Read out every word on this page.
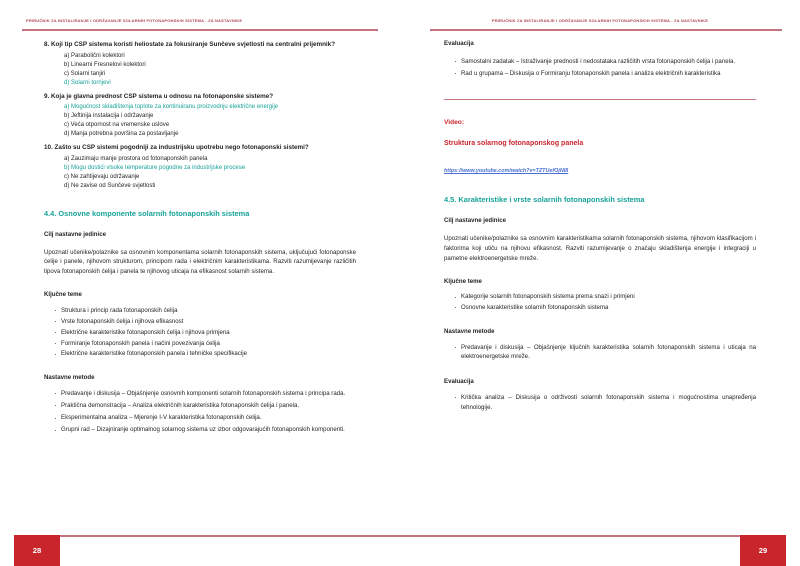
PRIRUČNIK ZA INSTALIRANJE I ODRŽAVANJE SOLARNIH FOTONAPONSKIH SISTEMA - ZA NASTAVNIKE
8. Koji tip CSP sistema koristi heliostate za fokusiranje Sunčeve svjetlosti na centralni prijemnik?
a) Parabolični kolektori
b) Linearni Fresnelovi kolektori
c) Solarni tanjiri
d) Solarni tornjevi
9. Koja je glavna prednost CSP sistema u odnosu na fotonaponske sisteme?
a) Mogućnost skladištenja toplote za kontinuiranu proizvodnju električne energije
b) Jeftinija instalacija i održavanje
c) Veća otpornost na vremenske uslove
d) Manja potrebna površina za postavljanje
10. Zašto su CSP sistemi pogodniji za industrijsku upotrebu nego fotonaponski sistemi?
a) Zauzimaju manje prostora od fotonaponskih panela
b) Mogu dostići visoke temperature pogodne za industrijske procese
c) Ne zahtijevaju održavanje
d) Ne zavise od Sunčeve svjetlosti
4.4. Osnovne komponente solarnih fotonaponskih sistema
Cilj nastavne jedinice
Upoznati učenike/polaznike sa osnovnim komponentama solarnih fotonaponskih sistema, uključujući fotonaponske ćelije i panele, njihovom strukturom, principom rada i električnim karakteristikama. Razviti razumijevanje različitih tipova fotonaponskih ćelija i panela te njihovog uticaja na efikasnost solarnih sistema.
Ključne teme
· Struktura i princip rada fotonaponskih ćelija
· Vrste fotonaponskih ćelija i njihova efikasnost
· Električne karakteristike fotonaponskih ćelija i njihova primjena
· Formiranje fotonaponskih panela i načini povezivanja ćelija
· Električne karakteristike fotonaponskih panela i tehničke specifikacije
Nastavne metode
· Predavanje i diskusija – Objašnjenje osnovnih komponenti solarnih fotonaponskih sistema i principa rada.
· Praktična demonstracija – Analiza električnih karakteristika fotonaponskih ćelija i panela.
· Eksperimentalna analiza – Mjerenje I-V karakteristika fotonaponskih ćelija.
· Grupni rad – Dizajniranje optimalnog solarnog sistema uz izbor odgovarajućih fotonaponskih komponenti.
28
PRIRUČNIK ZA INSTALIRANJE I ODRŽAVANJE SOLARNIH FOTONAPONSKIH SISTEMA - ZA NASTAVNIKE
Evaluacija
· Samostalni zadatak – Istraživanje prednosti i nedostataka različitih vrsta fotonaponskih ćelija i panela.
· Rad u grupama – Diskusija o Formiranju fotonaponskih panela i analiza električnih karakteristika
Video:
Struktura solarnog fotonaponskog panela
https://www.youtube.com/watch?v=TZTUefOjNI8
4.5. Karakteristike i vrste solarnih fotonaponskih sistema
Cilj nastavne jedinice
Upoznati učenike/polaznike sa osnovnim karakteristikama solarnih fotonaponskih sistema, njihovom klasifikacijom i faktorima koji utiču na njihovu efikasnost. Razviti razumijevanje o značaju skladištenja energije i integraciji u pametne elektroenergetske mreže.
Ključne teme
· Kategorije solarnih fotonaponskih sistema prema snazi i primjeni
· Osnovne karakteristike solarnih fotonaponskih sistema
Nastavne metode
· Predavanje i diskusija – Objašnjenje ključnih karakteristika solarnih fotonaponskih sistema i uticaja na elektroenergetske mreže.
Evaluacija
· Kritička analiza – Diskusija o održivosti solarnih fotonaponskih sistema i mogućnostima unapređenja tehnologije.
29
